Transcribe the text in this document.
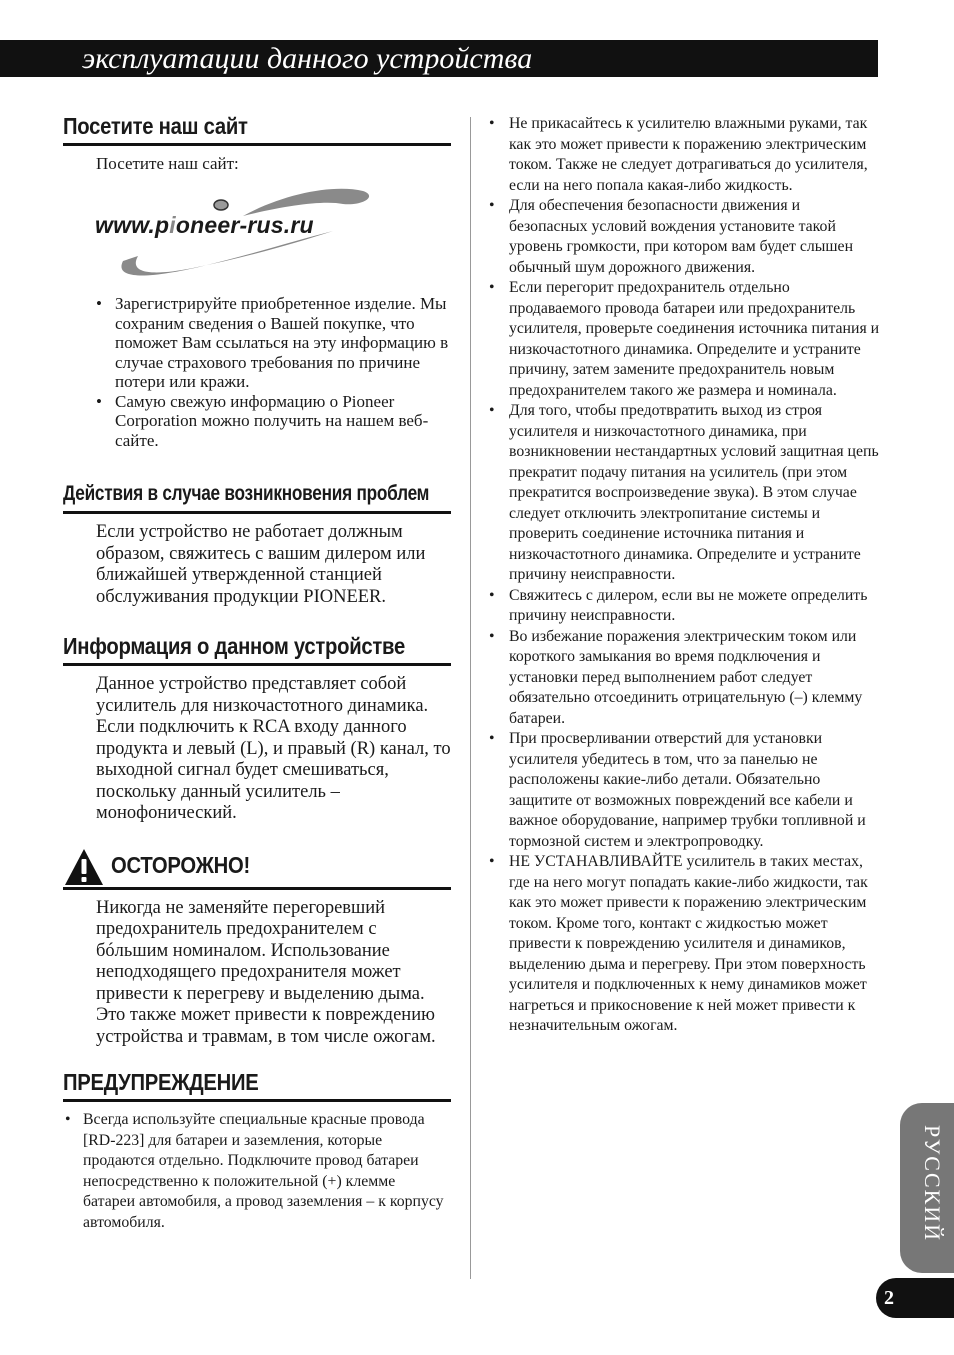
эксплуатации данного устройства
Посетите наш сайт
Посетите наш сайт:
www.pioneer-rus.ru
• Зарегистрируйте приобретенное изделие. Мы сохраним сведения о Вашей покупке, что поможет Вам ссылаться на эту информацию в случае страхового требования по причине потери или кражи.
• Самую свежую информацию о Pioneer Corporation можно получить на нашем веб-сайте.
Действия в случае возникновения проблем
Если устройство не работает должным образом, свяжитесь с вашим дилером или ближайшей утвержденной станцией обслуживания продукции PIONEER.
Информация о данном устройстве
Данное устройство представляет собой усилитель для низкочастотного динамика. Если подключить к RCA входу данного продукта и левый (L), и правый (R) канал, то выходной сигнал будет смешиваться, поскольку данный усилитель – монофонический.
ОСТОРОЖНО!
Никогда не заменяйте перегоревший предохранитель предохранителем с бóльшим номиналом. Использование неподходящего предохранителя может привести к перегреву и выделению дыма. Это также может привести к повреждению устройства и травмам, в том числе ожогам.
ПРЕДУПРЕЖДЕНИЕ
• Всегда используйте специальные красные провода [RD-223] для батареи и заземления, которые продаются отдельно. Подключите провод батареи непосредственно к положительной (+) клемме батареи автомобиля, а провод заземления – к корпусу автомобиля.
• Не прикасайтесь к усилителю влажными руками, так как это может привести к поражению электрическим током. Также не следует дотрагиваться до усилителя, если на него попала какая-либо жидкость.
• Для обеспечения безопасности движения и безопасных условий вождения установите такой уровень громкости, при котором вам будет слышен обычный шум дорожного движения.
• Если перегорит предохранитель отдельно продаваемого провода батареи или предохранитель усилителя, проверьте соединения источника питания и низкочастотного динамика. Определите и устраните причину, затем замените предохранитель новым предохранителем такого же размера и номинала.
• Для того, чтобы предотвратить выход из строя усилителя и низкочастотного динамика, при возникновении нестандартных условий защитная цепь прекратит подачу питания на усилитель (при этом прекратится воспроизведение звука). В этом случае следует отключить электропитание системы и проверить соединение источника питания и низкочастотного динамика. Определите и устраните причину неисправности.
• Свяжитесь с дилером, если вы не можете определить причину неисправности.
• Во избежание поражения электрическим током или короткого замыкания во время подключения и установки перед выполнением работ следует обязательно отсоединить отрицательную (–) клемму батареи.
• При просверливании отверстий для установки усилителя убедитесь в том, что за панелью не расположены какие-либо детали. Обязательно защитите от возможных повреждений все кабели и важное оборудование, например трубки топливной и тормозной систем и электропроводку.
• НЕ УСТАНАВЛИВАЙТЕ усилитель в таких местах, где на него могут попадать какие-либо жидкости, так как это может привести к поражению электрическим током. Кроме того, контакт с жидкостью может привести к повреждению усилителя и динамиков, выделению дыма и перегреву. При этом поверхность усилителя и подключенных к нему динамиков может нагреться и прикосновение к ней может привести к незначительным ожогам.
РУССКИЙ
2
